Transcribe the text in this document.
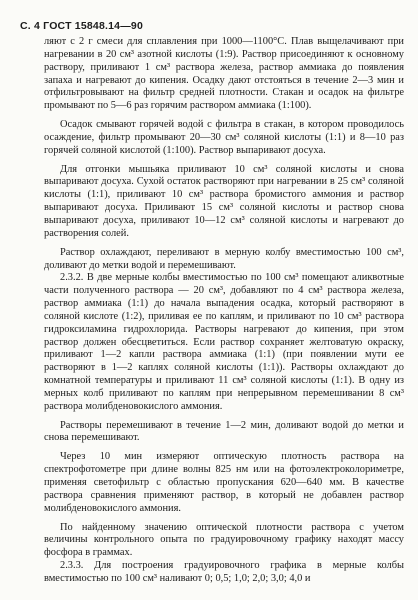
С. 4 ГОСТ 15848.14—90

ляют с 2 г смеси для сплавления при 1000—1100°С. Плав выщелачивают при нагревании в 20 см³ азотной кислоты (1:9). Раствор присоединяют к основному раствору, приливают 1 см³ раствора железа, раствор аммиака до появления запаха и нагревают до кипения. Осадку дают отстояться в течение 2—3 мин и отфильтровывают на фильтр средней плотности. Стакан и осадок на фильтре промывают по 5—6 раз горячим раствором аммиака (1:100).

Осадок смывают горячей водой с фильтра в стакан, в котором проводилось осаждение, фильтр промывают 20—30 см³ соляной кислоты (1:1) и 8—10 раз горячей соляной кислотой (1:100). Раствор выпаривают досуха.

Для отгонки мышьяка приливают 10 см³ соляной кислоты и снова выпаривают досуха. Сухой остаток растворяют при нагревании в 25 см³ соляной кислоты (1:1), приливают 10 см³ раствора бромистого аммония и раствор выпаривают досуха. Приливают 15 см³ соляной кислоты и раствор снова выпаривают досуха, приливают 10—12 см³ соляной кислоты и нагревают до растворения солей.

Раствор охлаждают, переливают в мерную колбу вместимостью 100 см³, доливают до метки водой и перемешивают.

2.3.2. В две мерные колбы вместимостью по 100 см³ помещают аликвотные части полученного раствора — 20 см³, добавляют по 4 см³ раствора железа, раствор аммиака (1:1) до начала выпадения осадка, который растворяют в соляной кислоте (1:2), приливая ее по каплям, и приливают по 10 см³ раствора гидроксиламина гидрохлорида. Растворы нагревают до кипения, при этом раствор должен обесцветиться. Если раствор сохраняет желтоватую окраску, приливают 1—2 капли раствора аммиака (1:1) (при появлении мути ее растворяют в 1—2 каплях соляной кислоты (1:1)). Растворы охлаждают до комнатной температуры и приливают 11 см³ соляной кислоты (1:1). В одну из мерных колб приливают по каплям при непрерывном перемешивании 8 см³ раствора молибденовокислого аммония.

Растворы перемешивают в течение 1—2 мин, доливают водой до метки и снова перемешивают.

Через 10 мин измеряют оптическую плотность раствора на спектрофотометре при длине волны 825 нм или на фотоэлектроколориметре, применяя светофильтр с областью пропускания 620—640 мм. В качестве раствора сравнения применяют раствор, в который не добавлен раствор молибденовокислого аммония.

По найденному значению оптической плотности раствора с учетом величины контрольного опыта по градуировочному графику находят массу фосфора в граммах.

2.3.3. Для построения градуировочного графика в мерные колбы вместимостью по 100 см³ наливают 0; 0,5; 1,0; 2,0; 3,0; 4,0 и
